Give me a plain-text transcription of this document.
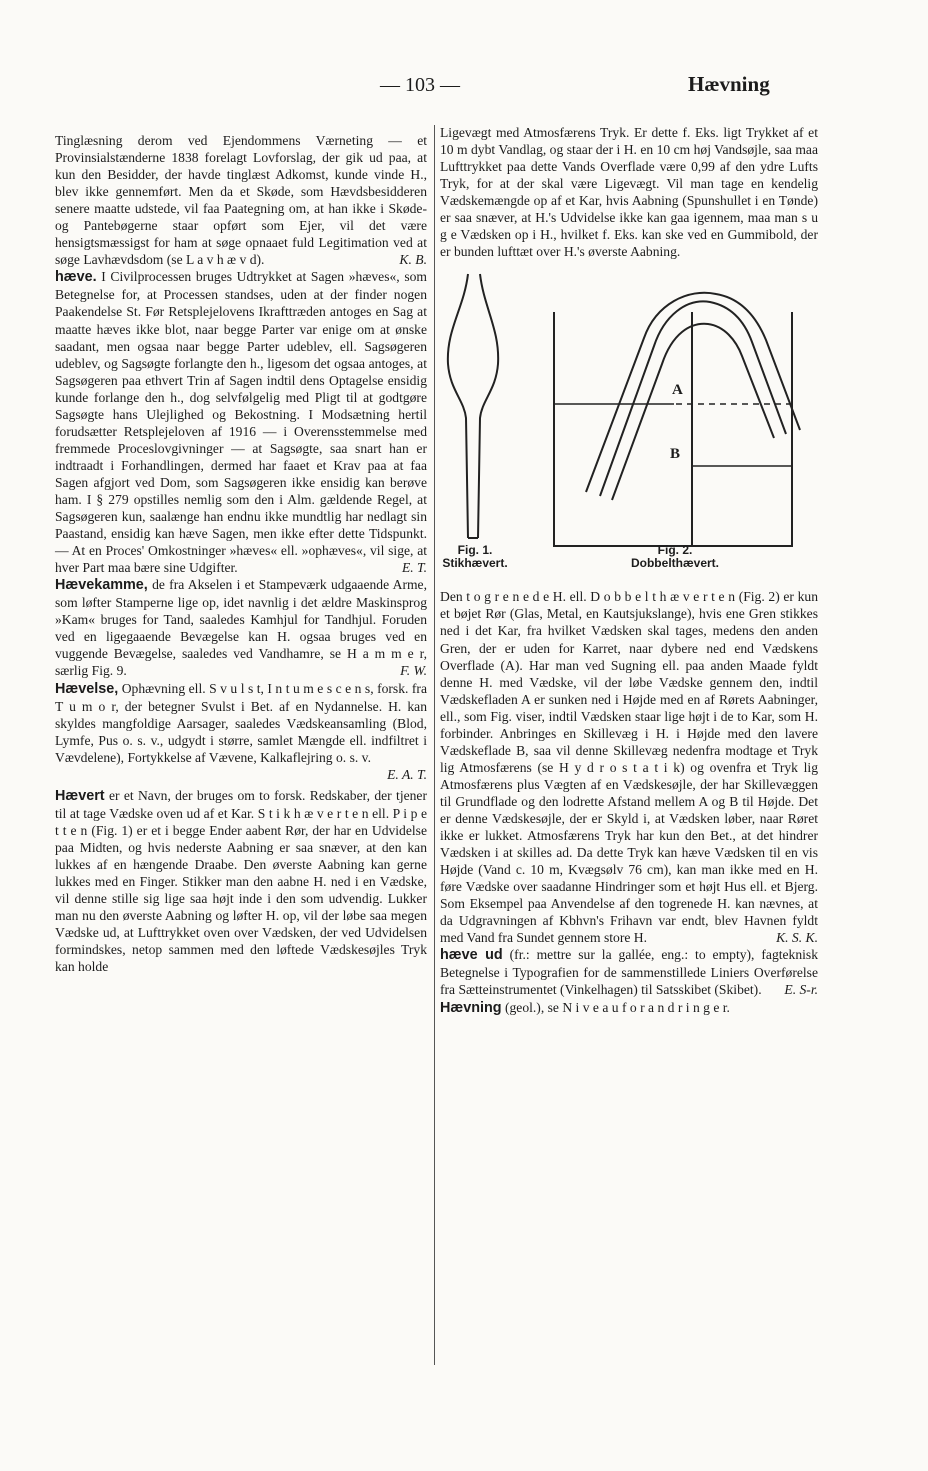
— 103 —	Hævning

Tinglæsning derom ved Ejendommens Værneting — et Provinsialstænderne 1838 forelagt Lovforslag, der gik ud paa, at kun den Besidder, der havde tinglæst Adkomst, kunde vinde H., blev ikke gennemført. Men da et Skøde, som Hævdsbesidderen senere maatte udstede, vil faa Paategning om, at han ikke i Skøde- og Pantebøgerne staar opført som Ejer, vil det være hensigtsmæssigst for ham at søge opnaaet fuld Legitimation ved at søge Lavhævdsdom (se L a v h æ v d).	K. B.

hæve. I Civilprocessen bruges Udtrykket at Sagen »hæves«, som Betegnelse for, at Processen standses, uden at der finder nogen Paakendelse St. Før Retsplejelovens Ikrafttræden antoges en Sag at maatte hæves ikke blot, naar begge Parter var enige om at ønske saadant, men ogsaa naar begge Parter udeblev, ell. Sagsøgeren udeblev, og Sagsøgte forlangte den h., ligesom det ogsaa antoges, at Sagsøgeren paa ethvert Trin af Sagen indtil dens Optagelse ensidig kunde forlange den h., dog selvfølgelig med Pligt til at godtgøre Sagsøgte hans Ulejlighed og Bekostning. I Modsætning hertil forudsætter Retsplejeloven af 1916 — i Overensstemmelse med fremmede Proceslovgivninger — at Sagsøgte, saa snart han er indtraadt i Forhandlingen, dermed har faaet et Krav paa at faa Sagen afgjort ved Dom, som Sagsøgeren ikke ensidig kan berøve ham. I § 279 opstilles nemlig som den i Alm. gældende Regel, at Sagsøgeren kun, saalænge han endnu ikke mundtlig har nedlagt sin Paastand, ensidig kan hæve Sagen, men ikke efter dette Tidspunkt. — At en Proces' Omkostninger »hæves« ell. »ophæves«, vil sige, at hver Part maa bære sine Udgifter.	E. T.

Hævekamme, de fra Akselen i et Stampeværk udgaaende Arme, som løfter Stamperne lige op, idet navnlig i det ældre Maskinsprog »Kam« bruges for Tand, saaledes Kamhjul for Tandhjul. Foruden ved en ligegaaende Bevægelse kan H. ogsaa bruges ved en vuggende Bevægelse, saaledes ved Vandhamre, se H a m m e r, særlig Fig. 9.	F. W.

Hævelse, Ophævning ell. S v u l s t, I n t u m e s c e n s, forsk. fra T u m o r, der betegner Svulst i Bet. af en Nydannelse. H. kan skyldes mangfoldige Aarsager, saaledes Vædskeansamling (Blod, Lymfe, Pus o. s. v., udgydt i større, samlet Mængde ell. indfiltret i Vævdelene), Fortykkelse af Vævene, Kalkaflejring o. s. v.

E. A. T.

Hævert er et Navn, der bruges om to forsk. Redskaber, der tjener til at tage Vædske oven ud af et Kar. S t i k h æ v e r t e n ell. P i p e t t e n (Fig. 1) er et i begge Ender aabent Rør, der har en Udvidelse paa Midten, og hvis nederste Aabning er saa snæver, at den kan lukkes af en hængende Draabe. Den øverste Aabning kan gerne lukkes med en Finger. Stikker man den aabne H. ned i en Vædske, vil denne stille sig lige saa højt inde i den som udvendig. Lukker man nu den øverste Aabning og løfter H. op, vil der løbe saa megen Vædske ud, at Lufttrykket oven over Vædsken, der ved Udvidelsen formindskes, netop sammen med den løftede Vædskesøjles Tryk kan holde

Ligevægt med Atmosfærens Tryk. Er dette f. Eks. ligt Trykket af et 10 m dybt Vandlag, og staar der i H. en 10 cm høj Vandsøjle, saa maa Lufttrykket paa dette Vands Overflade være 0,99 af den ydre Lufts Tryk, for at der skal være Ligevægt. Vil man tage en kendelig Vædskemængde op af et Kar, hvis Aabning (Spunshullet i en Tønde) er saa snæver, at H.'s Udvidelse ikke kan gaa igennem, maa man s u g e Vædsken op i H., hvilket f. Eks. kan ske ved en Gummibold, der er bunden lufttæt over H.'s øverste Aabning.

A
B
Fig. 1.
Stikhævert.
Fig. 2.
Dobbelthævert.

Den t o g r e n e d e H. ell. D o b b e l t h æ v e r t e n (Fig. 2) er kun et bøjet Rør (Glas, Metal, en Kautsjukslange), hvis ene Gren stikkes ned i det Kar, fra hvilket Vædsken skal tages, medens den anden Gren, der er uden for Karret, naar dybere ned end Vædskens Overflade (A). Har man ved Sugning ell. paa anden Maade fyldt denne H. med Vædske, vil der løbe Vædske gennem den, indtil Vædskefladen A er sunken ned i Højde med en af Rørets Aabninger, ell., som Fig. viser, indtil Vædsken staar lige højt i de to Kar, som H. forbinder. Anbringes en Skillevæg i H. i Højde med den lavere Vædskeflade B, saa vil denne Skillevæg nedenfra modtage et Tryk lig Atmosfærens (se H y d r o s t a t i k) og ovenfra et Tryk lig Atmosfærens plus Vægten af en Vædskesøjle, der har Skillevæggen til Grundflade og den lodrette Afstand mellem A og B til Højde. Det er denne Vædskesøjle, der er Skyld i, at Vædsken løber, naar Røret ikke er lukket. Atmosfærens Tryk har kun den Bet., at det hindrer Vædsken i at skilles ad. Da dette Tryk kan hæve Vædsken til en vis Højde (Vand c. 10 m, Kvægsølv 76 cm), kan man ikke med en H. føre Vædske over saadanne Hindringer som et højt Hus ell. et Bjerg. Som Eksempel paa Anvendelse af den togrenede H. kan nævnes, at da Udgravningen af Kbhvn's Frihavn var endt, blev Havnen fyldt med Vand fra Sundet gennem store H.	K. S. K.

hæve ud (fr.: mettre sur la gallée, eng.: to empty), fagteknisk Betegnelse i Typografien for de sammenstillede Liniers Overførelse fra Sætteinstrumentet (Vinkelhagen) til Satsskibet (Skibet). E. S-r.

Hævning (geol.), se N i v e a u f o r a n d r i n g e r.
